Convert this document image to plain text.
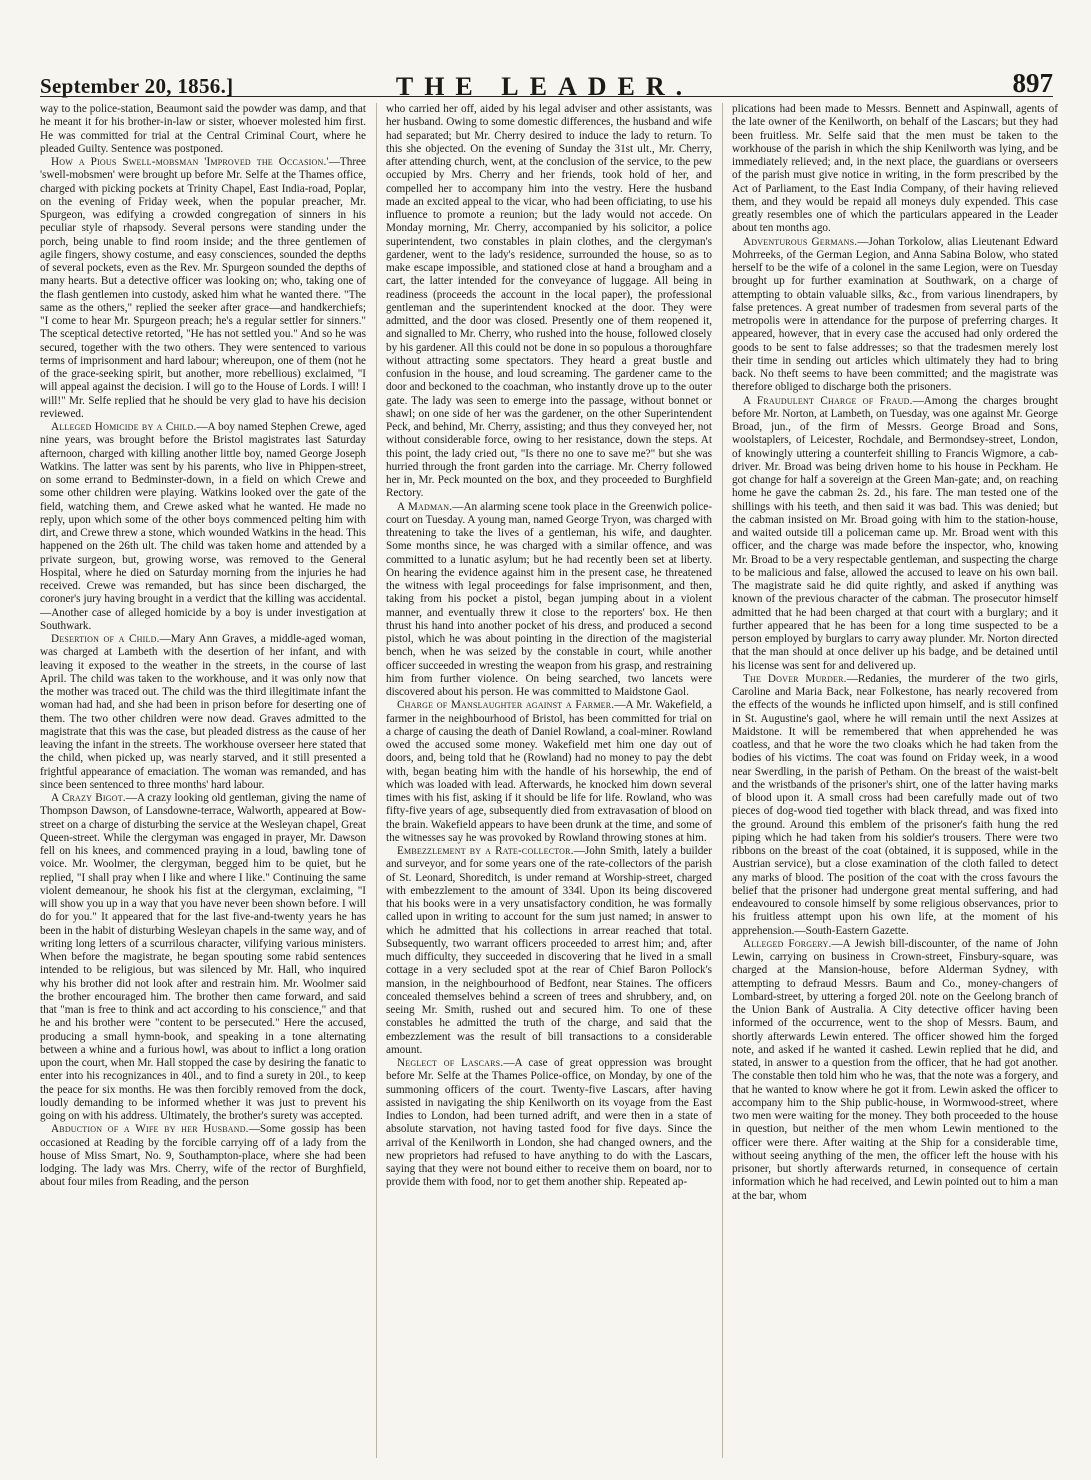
September 20, 1856.]	THE LEADER.	897

way to the police-station, Beaumont said the powder was damp, and that he meant it for his brother-in-law or sister, whoever molested him first. He was committed for trial at the Central Criminal Court, where he pleaded Guilty. Sentence was postponed.

How a Pious Swell-mobsman 'Improved the Occasion.'—Three 'swell-mobsmen' were brought up before Mr. Selfe at the Thames office, charged with picking pockets at Trinity Chapel, East India-road, Poplar, on the evening of Friday week, when the popular preacher, Mr. Spurgeon, was edifying a crowded congregation of sinners in his peculiar style of rhapsody. Several persons were standing under the porch, being unable to find room inside; and the three gentlemen of agile fingers, showy costume, and easy consciences, sounded the depths of several pockets, even as the Rev. Mr. Spurgeon sounded the depths of many hearts. But a detective officer was looking on; who, taking one of the flash gentlemen into custody, asked him what he wanted there. "The same as the others," replied the seeker after grace—and handkerchiefs; "I come to hear Mr. Spurgeon preach; he's a regular settler for sinners." The sceptical detective retorted, "He has not settled you." And so he was secured, together with the two others. They were sentenced to various terms of imprisonment and hard labour; whereupon, one of them (not he of the grace-seeking spirit, but another, more rebellious) exclaimed, "I will appeal against the decision. I will go to the House of Lords. I will! I will!" Mr. Selfe replied that he should be very glad to have his decision reviewed.

Alleged Homicide by a Child.—A boy named Stephen Crewe, aged nine years, was brought before the Bristol magistrates last Saturday afternoon, charged with killing another little boy, named George Joseph Watkins. The latter was sent by his parents, who live in Phippen-street, on some errand to Bedminster-down, in a field on which Crewe and some other children were playing. Watkins looked over the gate of the field, watching them, and Crewe asked what he wanted. He made no reply, upon which some of the other boys commenced pelting him with dirt, and Crewe threw a stone, which wounded Watkins in the head. This happened on the 26th ult. The child was taken home and attended by a private surgeon, but, growing worse, was removed to the General Hospital, where he died on Saturday morning from the injuries he had received. Crewe was remanded, but has since been discharged, the coroner's jury having brought in a verdict that the killing was accidental.—Another case of alleged homicide by a boy is under investigation at Southwark.

Desertion of a Child.—Mary Ann Graves, a middle-aged woman, was charged at Lambeth with the desertion of her infant, and with leaving it exposed to the weather in the streets, in the course of last April. The child was taken to the workhouse, and it was only now that the mother was traced out. The child was the third illegitimate infant the woman had had, and she had been in prison before for deserting one of them. The two other children were now dead. Graves admitted to the magistrate that this was the case, but pleaded distress as the cause of her leaving the infant in the streets. The workhouse overseer here stated that the child, when picked up, was nearly starved, and it still presented a frightful appearance of emaciation. The woman was remanded, and has since been sentenced to three months' hard labour.

A Crazy Bigot.—A crazy looking old gentleman, giving the name of Thompson Dawson, of Lansdowne-terrace, Walworth, appeared at Bow-street on a charge of disturbing the service at the Wesleyan chapel, Great Queen-street. While the clergyman was engaged in prayer, Mr. Dawson fell on his knees, and commenced praying in a loud, bawling tone of voice. Mr. Woolmer, the clergyman, begged him to be quiet, but he replied, "I shall pray when I like and where I like." Continuing the same violent demeanour, he shook his fist at the clergyman, exclaiming, "I will show you up in a way that you have never been shown before. I will do for you." It appeared that for the last five-and-twenty years he has been in the habit of disturbing Wesleyan chapels in the same way, and of writing long letters of a scurrilous character, vilifying various ministers. When before the magistrate, he began spouting some rabid sentences intended to be religious, but was silenced by Mr. Hall, who inquired why his brother did not look after and restrain him. Mr. Woolmer said the brother encouraged him. The brother then came forward, and said that "man is free to think and act according to his conscience," and that he and his brother were "content to be persecuted." Here the accused, producing a small hymn-book, and speaking in a tone alternating between a whine and a furious howl, was about to inflict a long oration upon the court, when Mr. Hall stopped the case by desiring the fanatic to enter into his recognizances in 40l., and to find a surety in 20l., to keep the peace for six months. He was then forcibly removed from the dock, loudly demanding to be informed whether it was just to prevent his going on with his address. Ultimately, the brother's surety was accepted.

Abduction of a Wife by her Husband.—Some gossip has been occasioned at Reading by the forcible carrying off of a lady from the house of Miss Smart, No. 9, Southampton-place, where she had been lodging. The lady was Mrs. Cherry, wife of the rector of Burghfield, about four miles from Reading, and the person

who carried her off, aided by his legal adviser and other assistants, was her husband. Owing to some domestic differences, the husband and wife had separated; but Mr. Cherry desired to induce the lady to return. To this she objected. On the evening of Sunday the 31st ult., Mr. Cherry, after attending church, went, at the conclusion of the service, to the pew occupied by Mrs. Cherry and her friends, took hold of her, and compelled her to accompany him into the vestry. Here the husband made an excited appeal to the vicar, who had been officiating, to use his influence to promote a reunion; but the lady would not accede. On Monday morning, Mr. Cherry, accompanied by his solicitor, a police superintendent, two constables in plain clothes, and the clergyman's gardener, went to the lady's residence, surrounded the house, so as to make escape impossible, and stationed close at hand a brougham and a cart, the latter intended for the conveyance of luggage. All being in readiness (proceeds the account in the local paper), the professional gentleman and the superintendent knocked at the door. They were admitted, and the door was closed. Presently one of them reopened it, and signalled to Mr. Cherry, who rushed into the house, followed closely by his gardener. All this could not be done in so populous a thoroughfare without attracting some spectators. They heard a great bustle and confusion in the house, and loud screaming. The gardener came to the door and beckoned to the coachman, who instantly drove up to the outer gate. The lady was seen to emerge into the passage, without bonnet or shawl; on one side of her was the gardener, on the other Superintendent Peck, and behind, Mr. Cherry, assisting; and thus they conveyed her, not without considerable force, owing to her resistance, down the steps. At this point, the lady cried out, "Is there no one to save me?" but she was hurried through the front garden into the carriage. Mr. Cherry followed her in, Mr. Peck mounted on the box, and they proceeded to Burghfield Rectory.

A Madman.—An alarming scene took place in the Greenwich police-court on Tuesday. A young man, named George Tryon, was charged with threatening to take the lives of a gentleman, his wife, and daughter. Some months since, he was charged with a similar offence, and was committed to a lunatic asylum; but he had recently been set at liberty. On hearing the evidence against him in the present case, he threatened the witness with legal proceedings for false imprisonment, and then, taking from his pocket a pistol, began jumping about in a violent manner, and eventually threw it close to the reporters' box. He then thrust his hand into another pocket of his dress, and produced a second pistol, which he was about pointing in the direction of the magisterial bench, when he was seized by the constable in court, while another officer succeeded in wresting the weapon from his grasp, and restraining him from further violence. On being searched, two lancets were discovered about his person. He was committed to Maidstone Gaol.

Charge of Manslaughter against a Farmer.—A Mr. Wakefield, a farmer in the neighbourhood of Bristol, has been committed for trial on a charge of causing the death of Daniel Rowland, a coal-miner. Rowland owed the accused some money. Wakefield met him one day out of doors, and, being told that he (Rowland) had no money to pay the debt with, began beating him with the handle of his horsewhip, the end of which was loaded with lead. Afterwards, he knocked him down several times with his fist, asking if it should be life for life. Rowland, who was fifty-five years of age, subsequently died from extravasation of blood on the brain. Wakefield appears to have been drunk at the time, and some of the witnesses say he was provoked by Rowland throwing stones at him.

Embezzlement by a Rate-collector.—John Smith, lately a builder and surveyor, and for some years one of the rate-collectors of the parish of St. Leonard, Shoreditch, is under remand at Worship-street, charged with embezzlement to the amount of 334l. Upon its being discovered that his books were in a very unsatisfactory condition, he was formally called upon in writing to account for the sum just named; in answer to which he admitted that his collections in arrear reached that total. Subsequently, two warrant officers proceeded to arrest him; and, after much difficulty, they succeeded in discovering that he lived in a small cottage in a very secluded spot at the rear of Chief Baron Pollock's mansion, in the neighbourhood of Bedfont, near Staines. The officers concealed themselves behind a screen of trees and shrubbery, and, on seeing Mr. Smith, rushed out and secured him. To one of these constables he admitted the truth of the charge, and said that the embezzlement was the result of bill transactions to a considerable amount.

Neglect of Lascars.—A case of great oppression was brought before Mr. Selfe at the Thames Police-office, on Monday, by one of the summoning officers of the court. Twenty-five Lascars, after having assisted in navigating the ship Kenilworth on its voyage from the East Indies to London, had been turned adrift, and were then in a state of absolute starvation, not having tasted food for five days. Since the arrival of the Kenilworth in London, she had changed owners, and the new proprietors had refused to have anything to do with the Lascars, saying that they were not bound either to receive them on board, nor to provide them with food, nor to get them another ship. Repeated ap-

plications had been made to Messrs. Bennett and Aspinwall, agents of the late owner of the Kenilworth, on behalf of the Lascars; but they had been fruitless. Mr. Selfe said that the men must be taken to the workhouse of the parish in which the ship Kenilworth was lying, and be immediately relieved; and, in the next place, the guardians or overseers of the parish must give notice in writing, in the form prescribed by the Act of Parliament, to the East India Company, of their having relieved them, and they would be repaid all moneys duly expended. This case greatly resembles one of which the particulars appeared in the Leader about ten months ago.

Adventurous Germans.—Johan Torkolow, alias Lieutenant Edward Mohrreeks, of the German Legion, and Anna Sabina Bolow, who stated herself to be the wife of a colonel in the same Legion, were on Tuesday brought up for further examination at Southwark, on a charge of attempting to obtain valuable silks, &c., from various linendrapers, by false pretences. A great number of tradesmen from several parts of the metropolis were in attendance for the purpose of preferring charges. It appeared, however, that in every case the accused had only ordered the goods to be sent to false addresses; so that the tradesmen merely lost their time in sending out articles which ultimately they had to bring back. No theft seems to have been committed; and the magistrate was therefore obliged to discharge both the prisoners.

A Fraudulent Charge of Fraud.—Among the charges brought before Mr. Norton, at Lambeth, on Tuesday, was one against Mr. George Broad, jun., of the firm of Messrs. George Broad and Sons, woolstaplers, of Leicester, Rochdale, and Bermondsey-street, London, of knowingly uttering a counterfeit shilling to Francis Wigmore, a cab-driver. Mr. Broad was being driven home to his house in Peckham. He got change for half a sovereign at the Green Man-gate; and, on reaching home he gave the cabman 2s. 2d., his fare. The man tested one of the shillings with his teeth, and then said it was bad. This was denied; but the cabman insisted on Mr. Broad going with him to the station-house, and waited outside till a policeman came up. Mr. Broad went with this officer, and the charge was made before the inspector, who, knowing Mr. Broad to be a very respectable gentleman, and suspecting the charge to be malicious and false, allowed the accused to leave on his own bail. The magistrate said he did quite rightly, and asked if anything was known of the previous character of the cabman. The prosecutor himself admitted that he had been charged at that court with a burglary; and it further appeared that he has been for a long time suspected to be a person employed by burglars to carry away plunder. Mr. Norton directed that the man should at once deliver up his badge, and be detained until his license was sent for and delivered up.

The Dover Murder.—Redanies, the murderer of the two girls, Caroline and Maria Back, near Folkestone, has nearly recovered from the effects of the wounds he inflicted upon himself, and is still confined in St. Augustine's gaol, where he will remain until the next Assizes at Maidstone. It will be remembered that when apprehended he was coatless, and that he wore the two cloaks which he had taken from the bodies of his victims. The coat was found on Friday week, in a wood near Swerdling, in the parish of Petham. On the breast of the waist-belt and the wristbands of the prisoner's shirt, one of the latter having marks of blood upon it. A small cross had been carefully made out of two pieces of dog-wood tied together with black thread, and was fixed into the ground. Around this emblem of the prisoner's faith hung the red piping which he had taken from his soldier's trousers. There were two ribbons on the breast of the coat (obtained, it is supposed, while in the Austrian service), but a close examination of the cloth failed to detect any marks of blood. The position of the coat with the cross favours the belief that the prisoner had undergone great mental suffering, and had endeavoured to console himself by some religious observances, prior to his fruitless attempt upon his own life, at the moment of his apprehension.—South-Eastern Gazette.

Alleged Forgery.—A Jewish bill-discounter, of the name of John Lewin, carrying on business in Crown-street, Finsbury-square, was charged at the Mansion-house, before Alderman Sydney, with attempting to defraud Messrs. Baum and Co., money-changers of Lombard-street, by uttering a forged 20l. note on the Geelong branch of the Union Bank of Australia. A City detective officer having been informed of the occurrence, went to the shop of Messrs. Baum, and shortly afterwards Lewin entered. The officer showed him the forged note, and asked if he wanted it cashed. Lewin replied that he did, and stated, in answer to a question from the officer, that he had got another. The constable then told him who he was, that the note was a forgery, and that he wanted to know where he got it from. Lewin asked the officer to accompany him to the Ship public-house, in Wormwood-street, where two men were waiting for the money. They both proceeded to the house in question, but neither of the men whom Lewin mentioned to the officer were there. After waiting at the Ship for a considerable time, without seeing anything of the men, the officer left the house with his prisoner, but shortly afterwards returned, in consequence of certain information which he had received, and Lewin pointed out to him a man at the bar, whom
